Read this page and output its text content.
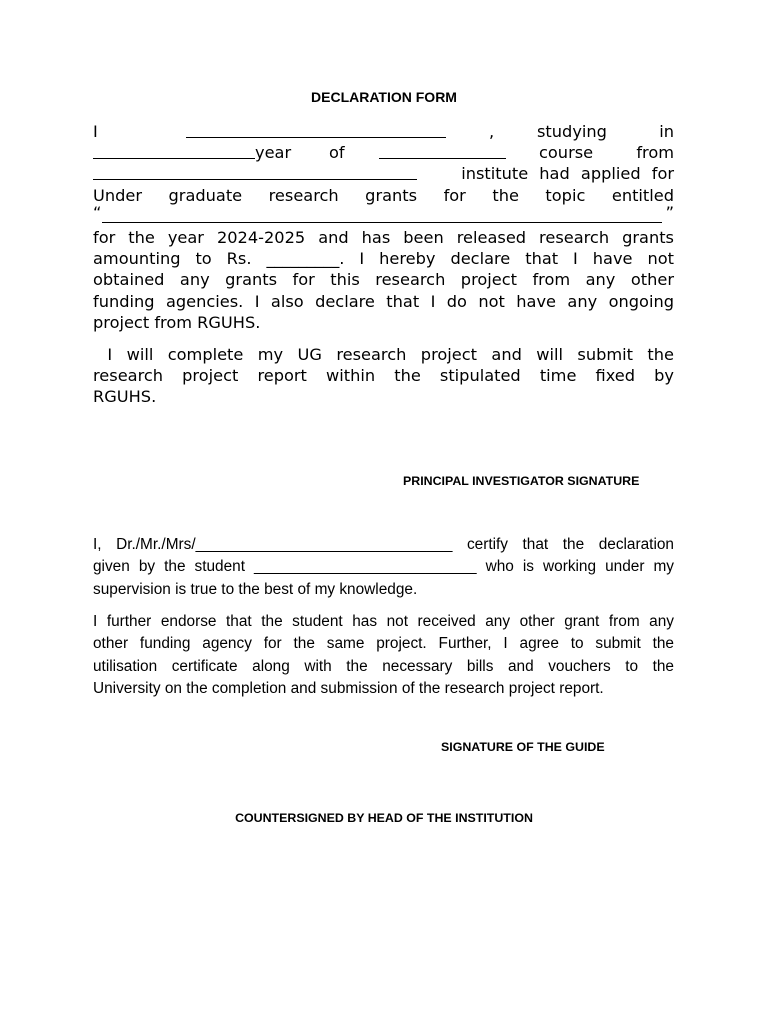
DECLARATION FORM
I	,	studying	in
year of	course	from
institute had applied for
Under graduate research grants for the topic entitled
“	”
for the year 2024-2025 and has been released research grants
amounting to Rs. _________. I hereby declare that I have not
obtained any grants for this research project from any other
funding agencies. I also declare that I do not have any ongoing
project from RGUHS.
I will complete my UG research project and will submit the
research project report within the stipulated time fixed by
RGUHS.
PRINCIPAL INVESTIGATOR SIGNATURE
I, Dr./Mr./Mrs/______________________________ certify that the declaration
given by the student __________________________ who is working under my
supervision is true to the best of my knowledge.
I further endorse that the student has not received any other grant from any
other funding agency for the same project. Further, I agree to submit the
utilisation certificate along with the necessary bills and vouchers to the
University on the completion and submission of the research project report.
SIGNATURE OF THE GUIDE
COUNTERSIGNED BY HEAD OF THE INSTITUTION
